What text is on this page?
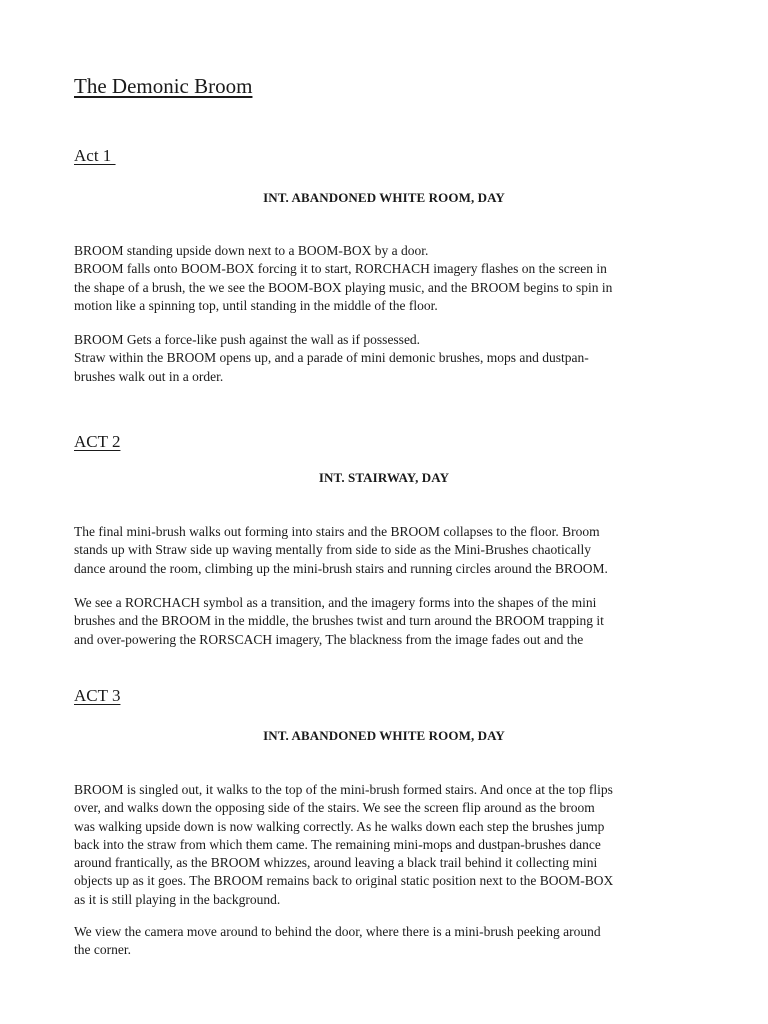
The Demonic Broom
Act 1
INT. ABANDONED WHITE ROOM, DAY
BROOM standing upside down next to a BOOM-BOX by a door.
BROOM falls onto BOOM-BOX forcing it to start, RORCHACH imagery flashes on the screen in
the shape of a brush, the we see the BOOM-BOX playing music, and the BROOM begins to spin in
motion like a spinning top, until standing in the middle of the floor.
BROOM Gets a force-like push against the wall as if possessed.
Straw within the BROOM opens up, and a parade of mini demonic brushes, mops and dustpan-
brushes walk out in a order.
ACT 2
INT. STAIRWAY, DAY
The final mini-brush walks out forming into stairs and the BROOM collapses to the floor. Broom
stands up with Straw side up waving mentally from side to side as the Mini-Brushes chaotically
dance around the room, climbing up the mini-brush stairs and running circles around the BROOM.
We see a RORCHACH symbol as a transition, and the imagery forms into the shapes of the mini
brushes and the BROOM in the middle, the brushes twist and turn around the BROOM trapping it
and over-powering the RORSCACH imagery, The blackness from the image fades out and the
ACT 3
INT. ABANDONED WHITE ROOM, DAY
BROOM is singled out, it walks to the top of the mini-brush formed stairs. And once at the top flips
over, and walks down the opposing side of the stairs. We see the screen flip around as the broom
was walking upside down is now walking correctly. As he walks down each step the brushes jump
back into the straw from which them came. The remaining mini-mops and dustpan-brushes dance
around frantically, as the BROOM whizzes, around leaving a black trail behind it collecting mini
objects up as it goes. The BROOM remains back to original static position next to the BOOM-BOX
as it is still playing in the background.
We view the camera move around to behind the door, where there is a mini-brush peeking around
the corner.
